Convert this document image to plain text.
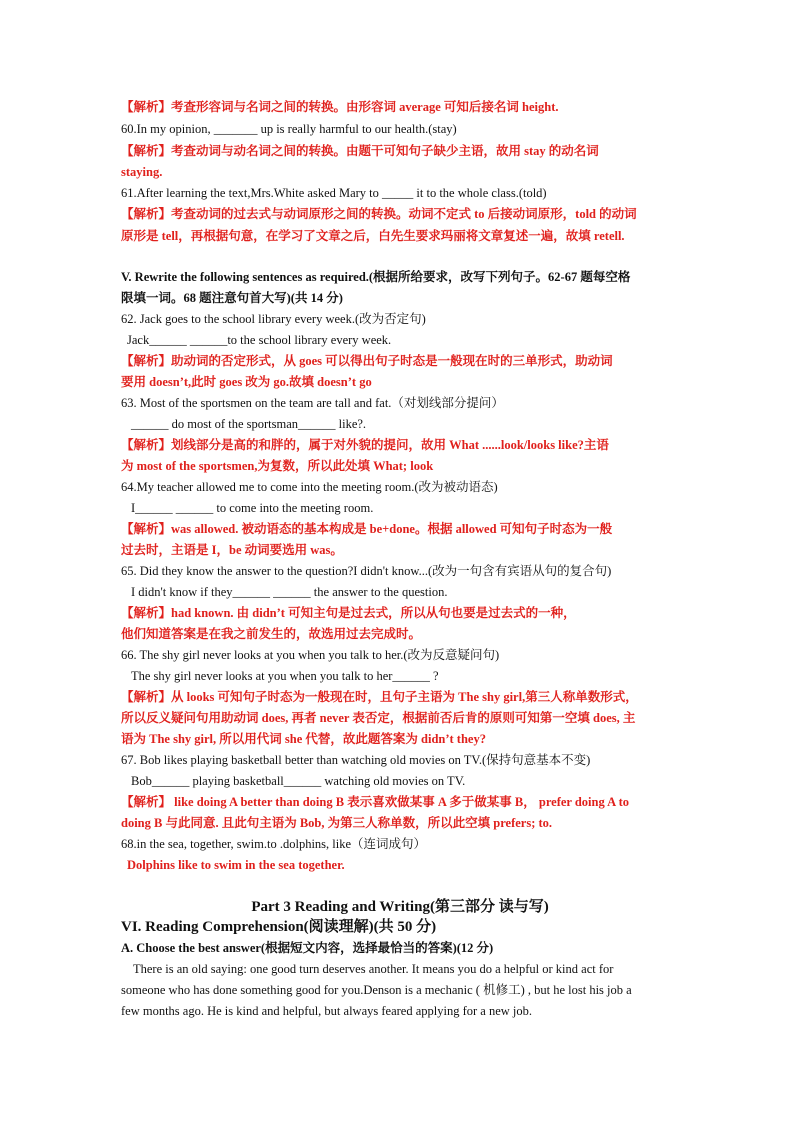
【解析】考查形容词与名词之间的转换。由形容词 average 可知后接名词 height.
60.In my opinion, _______ up is really harmful to our health.(stay)
【解析】考查动词与动名词之间的转换。由题干可知句子缺少主语，故用 stay 的动名词
staying.
61.After learning the text,Mrs.White asked Mary to _____ it to the whole class.(told)
【解析】考查动词的过去式与动词原形之间的转换。动词不定式 to 后接动词原形，told 的动词
原形是 tell，再根据句意，在学习了文章之后，白先生要求玛丽将文章复述一遍，故填 retell.
V. Rewrite the following sentences as required.(根据所给要求，改写下列句子。62-67 题每空格
限填一词。68 题注意句首大写)(共 14 分)
62. Jack goes to the school library every week.(改为否定句)
Jack______ ______to the school library every week.
【解析】助动词的否定形式，从 goes 可以得出句子时态是一般现在时的三单形式，助动词
要用 doesn’t,此时 goes 改为 go.故填 doesn’t go
63. Most of the sportsmen on the team are tall and fat.（对划线部分提问）
______ do most of the sportsman______ like?.
【解析】划线部分是高的和胖的，属于对外貌的提问，故用 What ......look/looks like?主语
为 most of the sportsmen,为复数，所以此处填 What; look
64.My teacher allowed me to come into the meeting room.(改为被动语态)
I______ ______ to come into the meeting room.
【解析】was allowed. 被动语态的基本构成是 be+done。根据 allowed 可知句子时态为一般
过去时，主语是 I，be 动词要选用 was。
65. Did they know the answer to the question?I didn't know...(改为一句含有宾语从句的复合句)
I didn't know if they______ ______ the answer to the question.
【解析】had known. 由 didn’t 可知主句是过去式，所以从句也要是过去式的一种，
他们知道答案是在我之前发生的，故选用过去完成时。
66. The shy girl never looks at you when you talk to her.(改为反意疑问句)
The shy girl never looks at you when you talk to her______ ?
【解析】从 looks 可知句子时态为一般现在时，且句子主语为 The shy girl,第三人称单数形式，
所以反义疑问句用助动词 does, 再者 never 表否定，根据前否后肯的原则可知第一空填 does, 主
语为 The shy girl, 所以用代词 she 代替，故此题答案为 didn’t they?
67. Bob likes playing basketball better than watching old movies on TV.(保持句意基本不变)
Bob______ playing basketball______ watching old movies on TV.
【解析】 like doing A better than doing B 表示喜欢做某事 A 多于做某事 B， prefer doing A to
doing B 与此同意. 且此句主语为 Bob, 为第三人称单数，所以此空填 prefers; to.
68.in the sea, together, swim.to .dolphins, like（连词成句）
Dolphins like to swim in the sea together.
Part 3 Reading and Writing(第三部分 读与写)
VI. Reading Comprehension(阅读理解)(共 50 分)
A. Choose the best answer(根据短文内容，选择最恰当的答案)(12 分)
There is an old saying: one good turn deserves another. It means you do a helpful or kind act for
someone who has done something good for you.Denson is a mechanic ( 机修工) , but he lost his job a
few months ago. He is kind and helpful, but always feared applying for a new job.
